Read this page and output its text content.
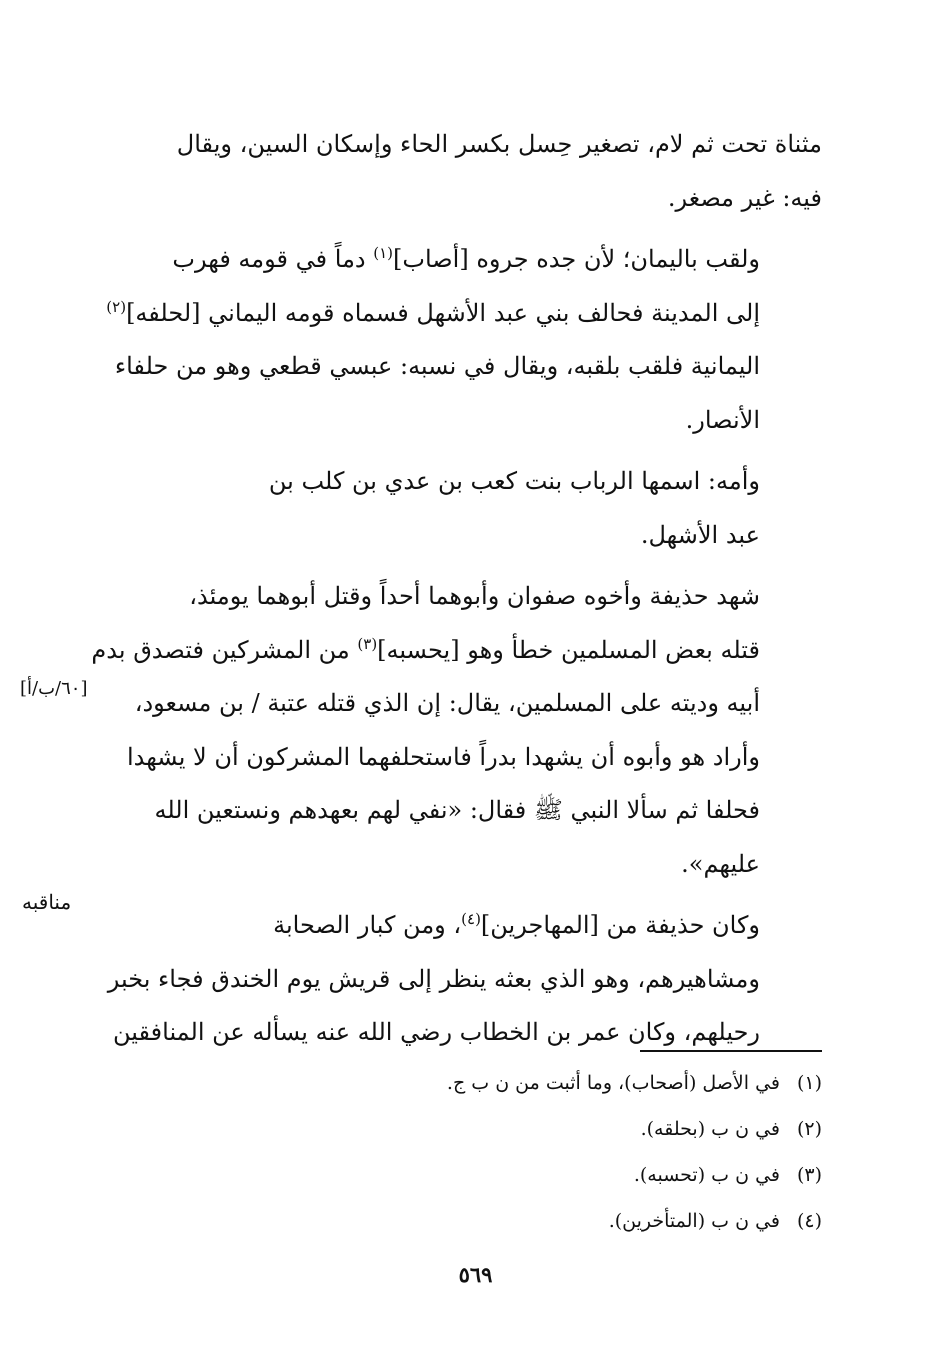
مثناة تحت ثم لام، تصغير حِسل بكسر الحاء وإسكان السين، ويقال
فيه: غير مصغر.

ولقب باليمان؛ لأن جده جروه [أصاب]$^{(١)}$ دماً في قومه فهرب
إلى المدينة فحالف بني عبد الأشهل فسماه قومه اليماني [لحلفه]$^{(٢)}$
اليمانية فلقب بلقبه، ويقال في نسبه: عبسي قطعي وهو من حلفاء
الأنصار.

وأمه: اسمها الرباب بنت كعب بن عدي بن كلب بن
عبد الأشهل.

شهد حذيفة وأخوه صفوان وأبوهما أحداً وقتل أبوهما يومئذ،
قتله بعض المسلمين خطأ وهو [يحسبه]$^{(٣)}$ من المشركين فتصدق بدم
أبيه وديته على المسلمين، يقال: إن الذي قتله عتبة / بن مسعود،
وأراد هو وأبوه أن يشهدا بدراً فاستحلفهما المشركون أن لا يشهدا
فحلفا ثم سألا النبي ﷺ فقال: «نفي لهم بعهدهم ونستعين الله
عليهم».

وكان حذيفة من [المهاجرين]$^{(٤)}$، ومن كبار الصحابة
ومشاهيرهم، وهو الذي بعثه ينظر إلى قريش يوم الخندق فجاء بخبر
رحيلهم، وكان عمر بن الخطاب رضي الله عنه يسأله عن المنافقين

[٦٠/ب/أ]
مناقبه
(١)في الأصل (أصحاب)، وما أثبت من ن ب ج.
(٢)في ن ب (بحلقه).
(٣)في ن ب (تحسبه).
(٤)في ن ب (المتأخرين).
٥٦٩
